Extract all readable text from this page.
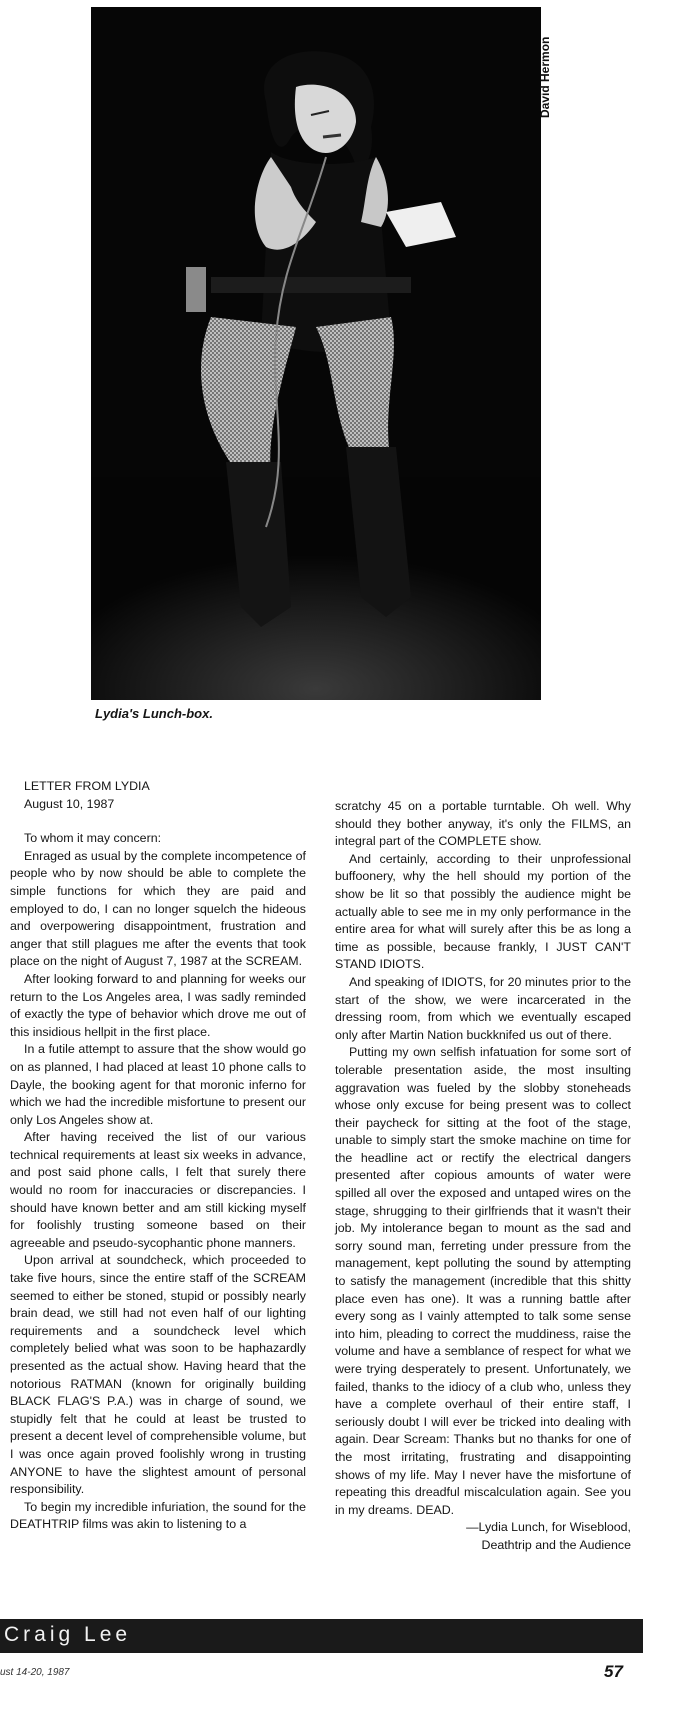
David Hermon
Lydia's Lunch-box.

LETTER FROM LYDIA

August 10, 1987

To whom it may concern:

Enraged as usual by the complete incompetence of people who by now should be able to complete the simple functions for which they are paid and employed to do, I can no longer squelch the hideous and overpowering disappointment, frustration and anger that still plagues me after the events that took place on the night of August 7, 1987 at the SCREAM.

After looking forward to and planning for weeks our return to the Los Angeles area, I was sadly reminded of exactly the type of behavior which drove me out of this insidious hellpit in the first place.

In a futile attempt to assure that the show would go on as planned, I had placed at least 10 phone calls to Dayle, the booking agent for that moronic inferno for which we had the incredible misfortune to present our only Los Angeles show at.

After having received the list of our various technical requirements at least six weeks in advance, and post said phone calls, I felt that surely there would no room for inaccuracies or discrepancies. I should have known better and am still kicking myself for foolishly trusting someone based on their agreeable and pseudo-sycophantic phone manners.

Upon arrival at soundcheck, which proceeded to take five hours, since the entire staff of the SCREAM seemed to either be stoned, stupid or possibly nearly brain dead, we still had not even half of our lighting requirements and a soundcheck level which completely belied what was soon to be haphazardly presented as the actual show. Having heard that the notorious RATMAN (known for originally building BLACK FLAG'S P.A.) was in charge of sound, we stupidly felt that he could at least be trusted to present a decent level of comprehensible volume, but I was once again proved foolishly wrong in trusting ANYONE to have the slightest amount of personal responsibility.

To begin my incredible infuriation, the sound for the DEATHTRIP films was akin to listening to a

scratchy 45 on a portable turntable. Oh well. Why should they bother anyway, it's only the FILMS, an integral part of the COMPLETE show.

And certainly, according to their unprofessional buffoonery, why the hell should my portion of the show be lit so that possibly the audience might be actually able to see me in my only performance in the entire area for what will surely after this be as long a time as possible, because frankly, I JUST CAN'T STAND IDIOTS.

And speaking of IDIOTS, for 20 minutes prior to the start of the show, we were incarcerated in the dressing room, from which we eventually escaped only after Martin Nation buckknifed us out of there.

Putting my own selfish infatuation for some sort of tolerable presentation aside, the most insulting aggravation was fueled by the slobby stoneheads whose only excuse for being present was to collect their paycheck for sitting at the foot of the stage, unable to simply start the smoke machine on time for the headline act or rectify the electrical dangers presented after copious amounts of water were spilled all over the exposed and untaped wires on the stage, shrugging to their girlfriends that it wasn't their job. My intolerance began to mount as the sad and sorry sound man, ferreting under pressure from the management, kept polluting the sound by attempting to satisfy the management (incredible that this shitty place even has one). It was a running battle after every song as I vainly attempted to talk some sense into him, pleading to correct the muddiness, raise the volume and have a semblance of respect for what we were trying desperately to present. Unfortunately, we failed, thanks to the idiocy of a club who, unless they have a complete overhaul of their entire staff, I seriously doubt I will ever be tricked into dealing with again. Dear Scream: Thanks but no thanks for one of the most irritating, frustrating and disappointing shows of my life. May I never have the misfortune of repeating this dreadful miscalculation again. See you in my dreams. DEAD.

—Lydia Lunch, for Wiseblood,

Deathtrip and the Audience

Craig Lee
ust 14-20, 1987	57
